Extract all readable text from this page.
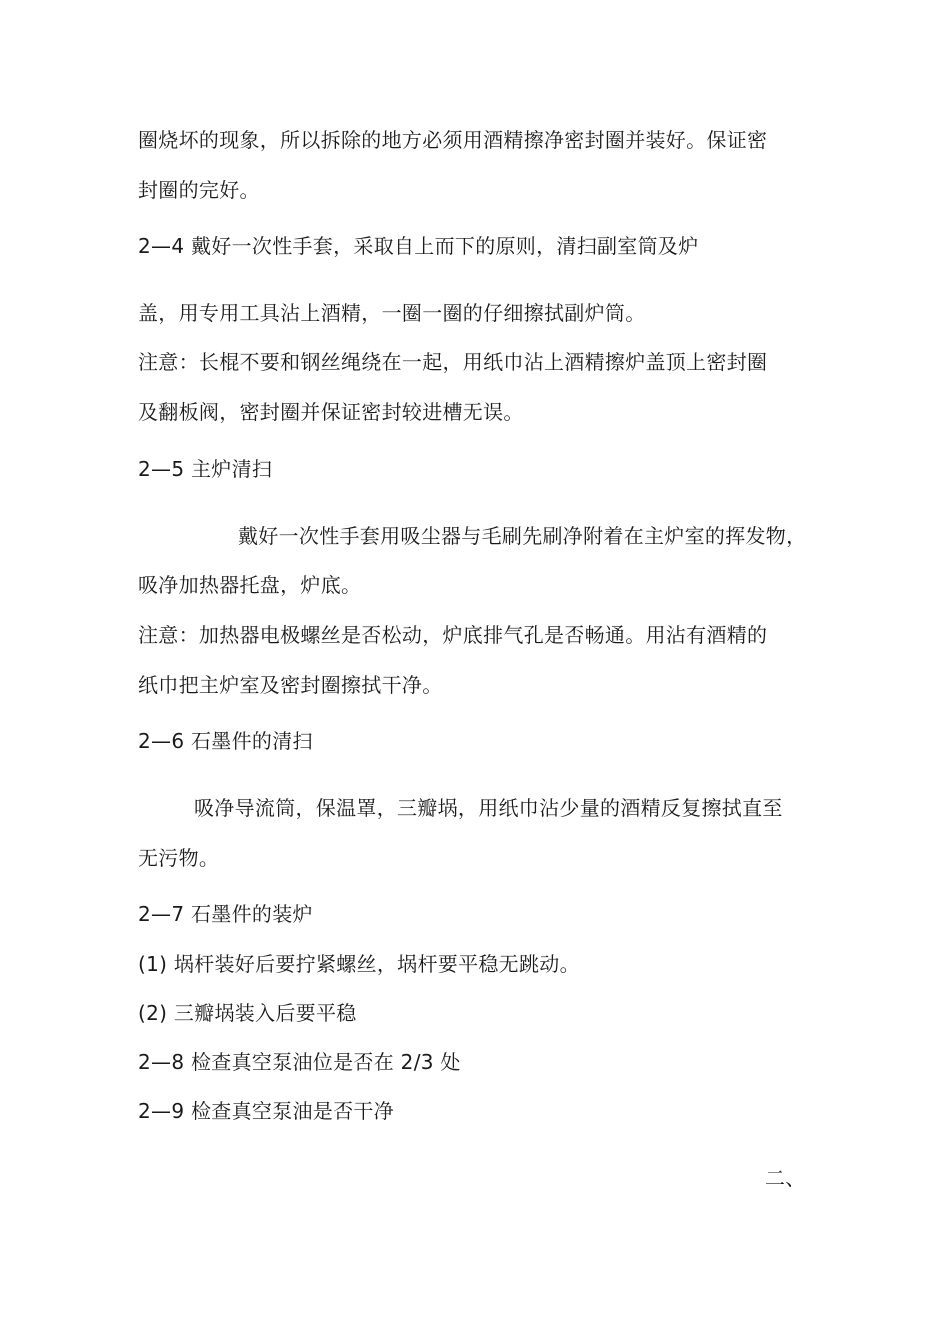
圈烧坏的现象，所以拆除的地方必须用酒精擦净密封圈并装好。保证密
封圈的完好。
2—4 戴好一次性手套，采取自上而下的原则，清扫副室筒及炉
盖，用专用工具沾上酒精，一圈一圈的仔细擦拭副炉筒。
注意：长棍不要和钢丝绳绕在一起，用纸巾沾上酒精擦炉盖顶上密封圈
及翻板阀，密封圈并保证密封较进槽无误。
2—5 主炉清扫
戴好一次性手套用吸尘器与毛刷先刷净附着在主炉室的挥发物，
吸净加热器托盘，炉底。
注意：加热器电极螺丝是否松动，炉底排气孔是否畅通。用沾有酒精的
纸巾把主炉室及密封圈擦拭干净。
2—6 石墨件的清扫
吸净导流筒，保温罩，三瓣埚，用纸巾沾少量的酒精反复擦拭直至
无污物。
2—7 石墨件的装炉
(1) 埚杆装好后要拧紧螺丝，埚杆要平稳无跳动。
(2) 三瓣埚装入后要平稳
2—8 检查真空泵油位是否在 2/3 处
2—9 检查真空泵油是否干净
二、
